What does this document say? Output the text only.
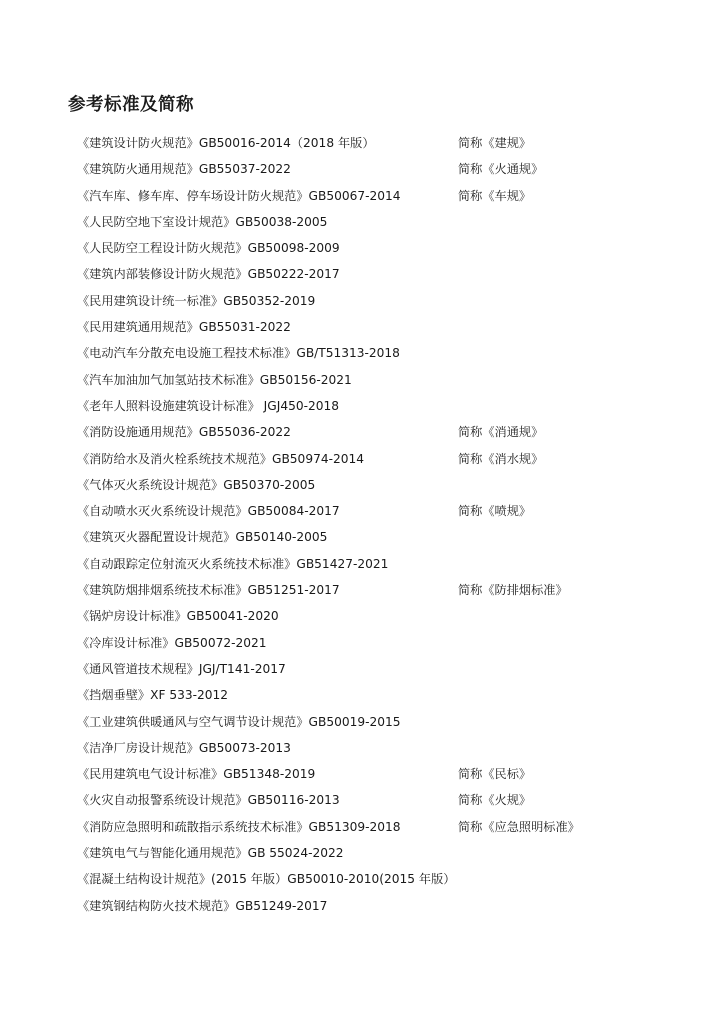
参考标准及简称
《建筑设计防火规范》GB50016-2014（2018 年版）	简称《建规》
《建筑防火通用规范》GB55037-2022	简称《火通规》
《汽车库、修车库、停车场设计防火规范》GB50067-2014	简称《车规》
《人民防空地下室设计规范》GB50038-2005
《人民防空工程设计防火规范》GB50098-2009
《建筑内部装修设计防火规范》GB50222-2017
《民用建筑设计统一标准》GB50352-2019
《民用建筑通用规范》GB55031-2022
《电动汽车分散充电设施工程技术标准》GB/T51313-2018
《汽车加油加气加氢站技术标准》GB50156-2021
《老年人照料设施建筑设计标准》 JGJ450-2018
《消防设施通用规范》GB55036-2022	简称《消通规》
《消防给水及消火栓系统技术规范》GB50974-2014	简称《消水规》
《气体灭火系统设计规范》GB50370-2005
《自动喷水灭火系统设计规范》GB50084-2017	简称《喷规》
《建筑灭火器配置设计规范》GB50140-2005
《自动跟踪定位射流灭火系统技术标准》GB51427-2021
《建筑防烟排烟系统技术标准》GB51251-2017	简称《防排烟标准》
《锅炉房设计标准》GB50041-2020
《冷库设计标准》GB50072-2021
《通风管道技术规程》JGJ/T141-2017
《挡烟垂壁》XF 533-2012
《工业建筑供暖通风与空气调节设计规范》GB50019-2015
《洁净厂房设计规范》GB50073-2013
《民用建筑电气设计标准》GB51348-2019	简称《民标》
《火灾自动报警系统设计规范》GB50116-2013	简称《火规》
《消防应急照明和疏散指示系统技术标准》GB51309-2018	简称《应急照明标准》
《建筑电气与智能化通用规范》GB 55024-2022
《混凝土结构设计规范》(2015 年版）GB50010-2010(2015 年版）
《建筑钢结构防火技术规范》GB51249-2017
